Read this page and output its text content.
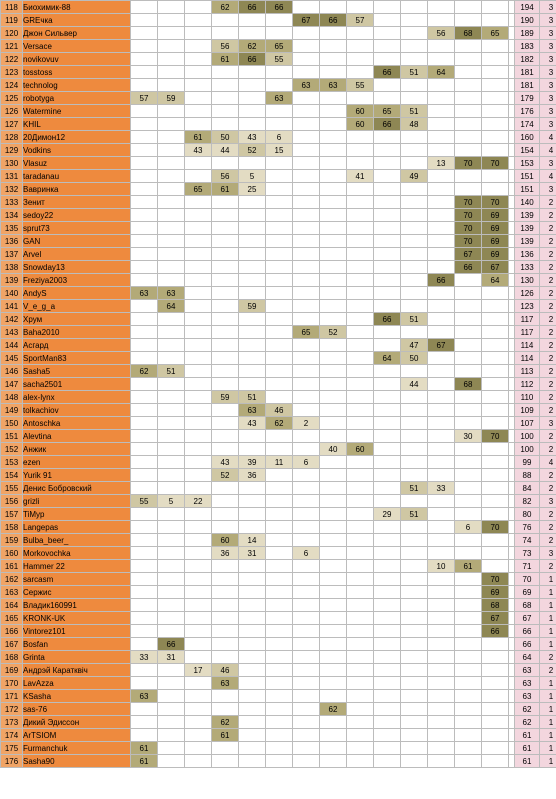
118	Биохимик-88				62	66	66										194	3
119	GREчка							67	66	57							190	3
120	Джон Сильвер												56	68	65		189	3
121	Versace				56	62	65										183	3
122	novikovuv				61	66	55										182	3
123	tosstoss										66	51	64				181	3
124	technolog							63	63	55							181	3
125	robotyga	57	59				63										179	3
126	Watermine									60	65	51					176	3
127	KHIL									60	66	48					174	3
128	20Димон12			61	50	43	6										160	4
129	Vodkins			43	44	52	15										154	4
130	Vlasuz												13	70	70		153	3
131	taradanau				56	5				41		49					151	4
132	Вавринка			65	61	25											151	3
133	Зенит													70	70		140	2
134	sedoy22													70	69		139	2
135	sprut73													70	69		139	2
136	GAN													70	69		139	2
137	Arvel													67	69		136	2
138	Snowday13													66	67		133	2
139	Freziya2003												66		64		130	2
140	AndyS	63	63														126	2
141	V_e_g_a		64			59											123	2
142	Хрум										66	51					117	2
143	Baha2010							65	52								117	2
144	Асгард											47	67				114	2
145	SportMan83										64	50					114	2
146	Sasha5	62	51														113	2
147	sacha2501											44		68			112	2
148	alex-lynx				59	51											110	2
149	tolkachiov					63	46										109	2
150	Antoschka					43	62	2									107	3
151	Alevtina													30	70		100	2
152	Анжик								40	60							100	2
153	ezen				43	39	11	6									99	4
154	Yurik 91				52	36											88	2
155	Денис Бобровский											51	33				84	2
156	grizli	55	5	22													82	3
157	TiMyp										29	51					80	2
158	Langepas													6	70		76	2
159	Bulba_beer_				60	14											74	2
160	Morkovochka				36	31		6									73	3
161	Hammer 22												10	61			71	2
162	sarcasm														70		70	1
163	Сержис														69		69	1
164	Владик160991														68		68	1
165	KRONK-UK														67		67	1
166	Vintorez101														66		66	1
167	Bosfan		66														66	1
168	Grinta	33	31														64	2
169	Андрэй Каратквіч			17	46												63	2
170	LavAzza				63												63	1
171	KSasha	63															63	1
172	sas-76								62								62	1
173	Дикий Эдиссон				62												62	1
174	ArTSIOM				61												61	1
175	Furmanchuk	61															61	1
176	Sasha90	61															61	1
